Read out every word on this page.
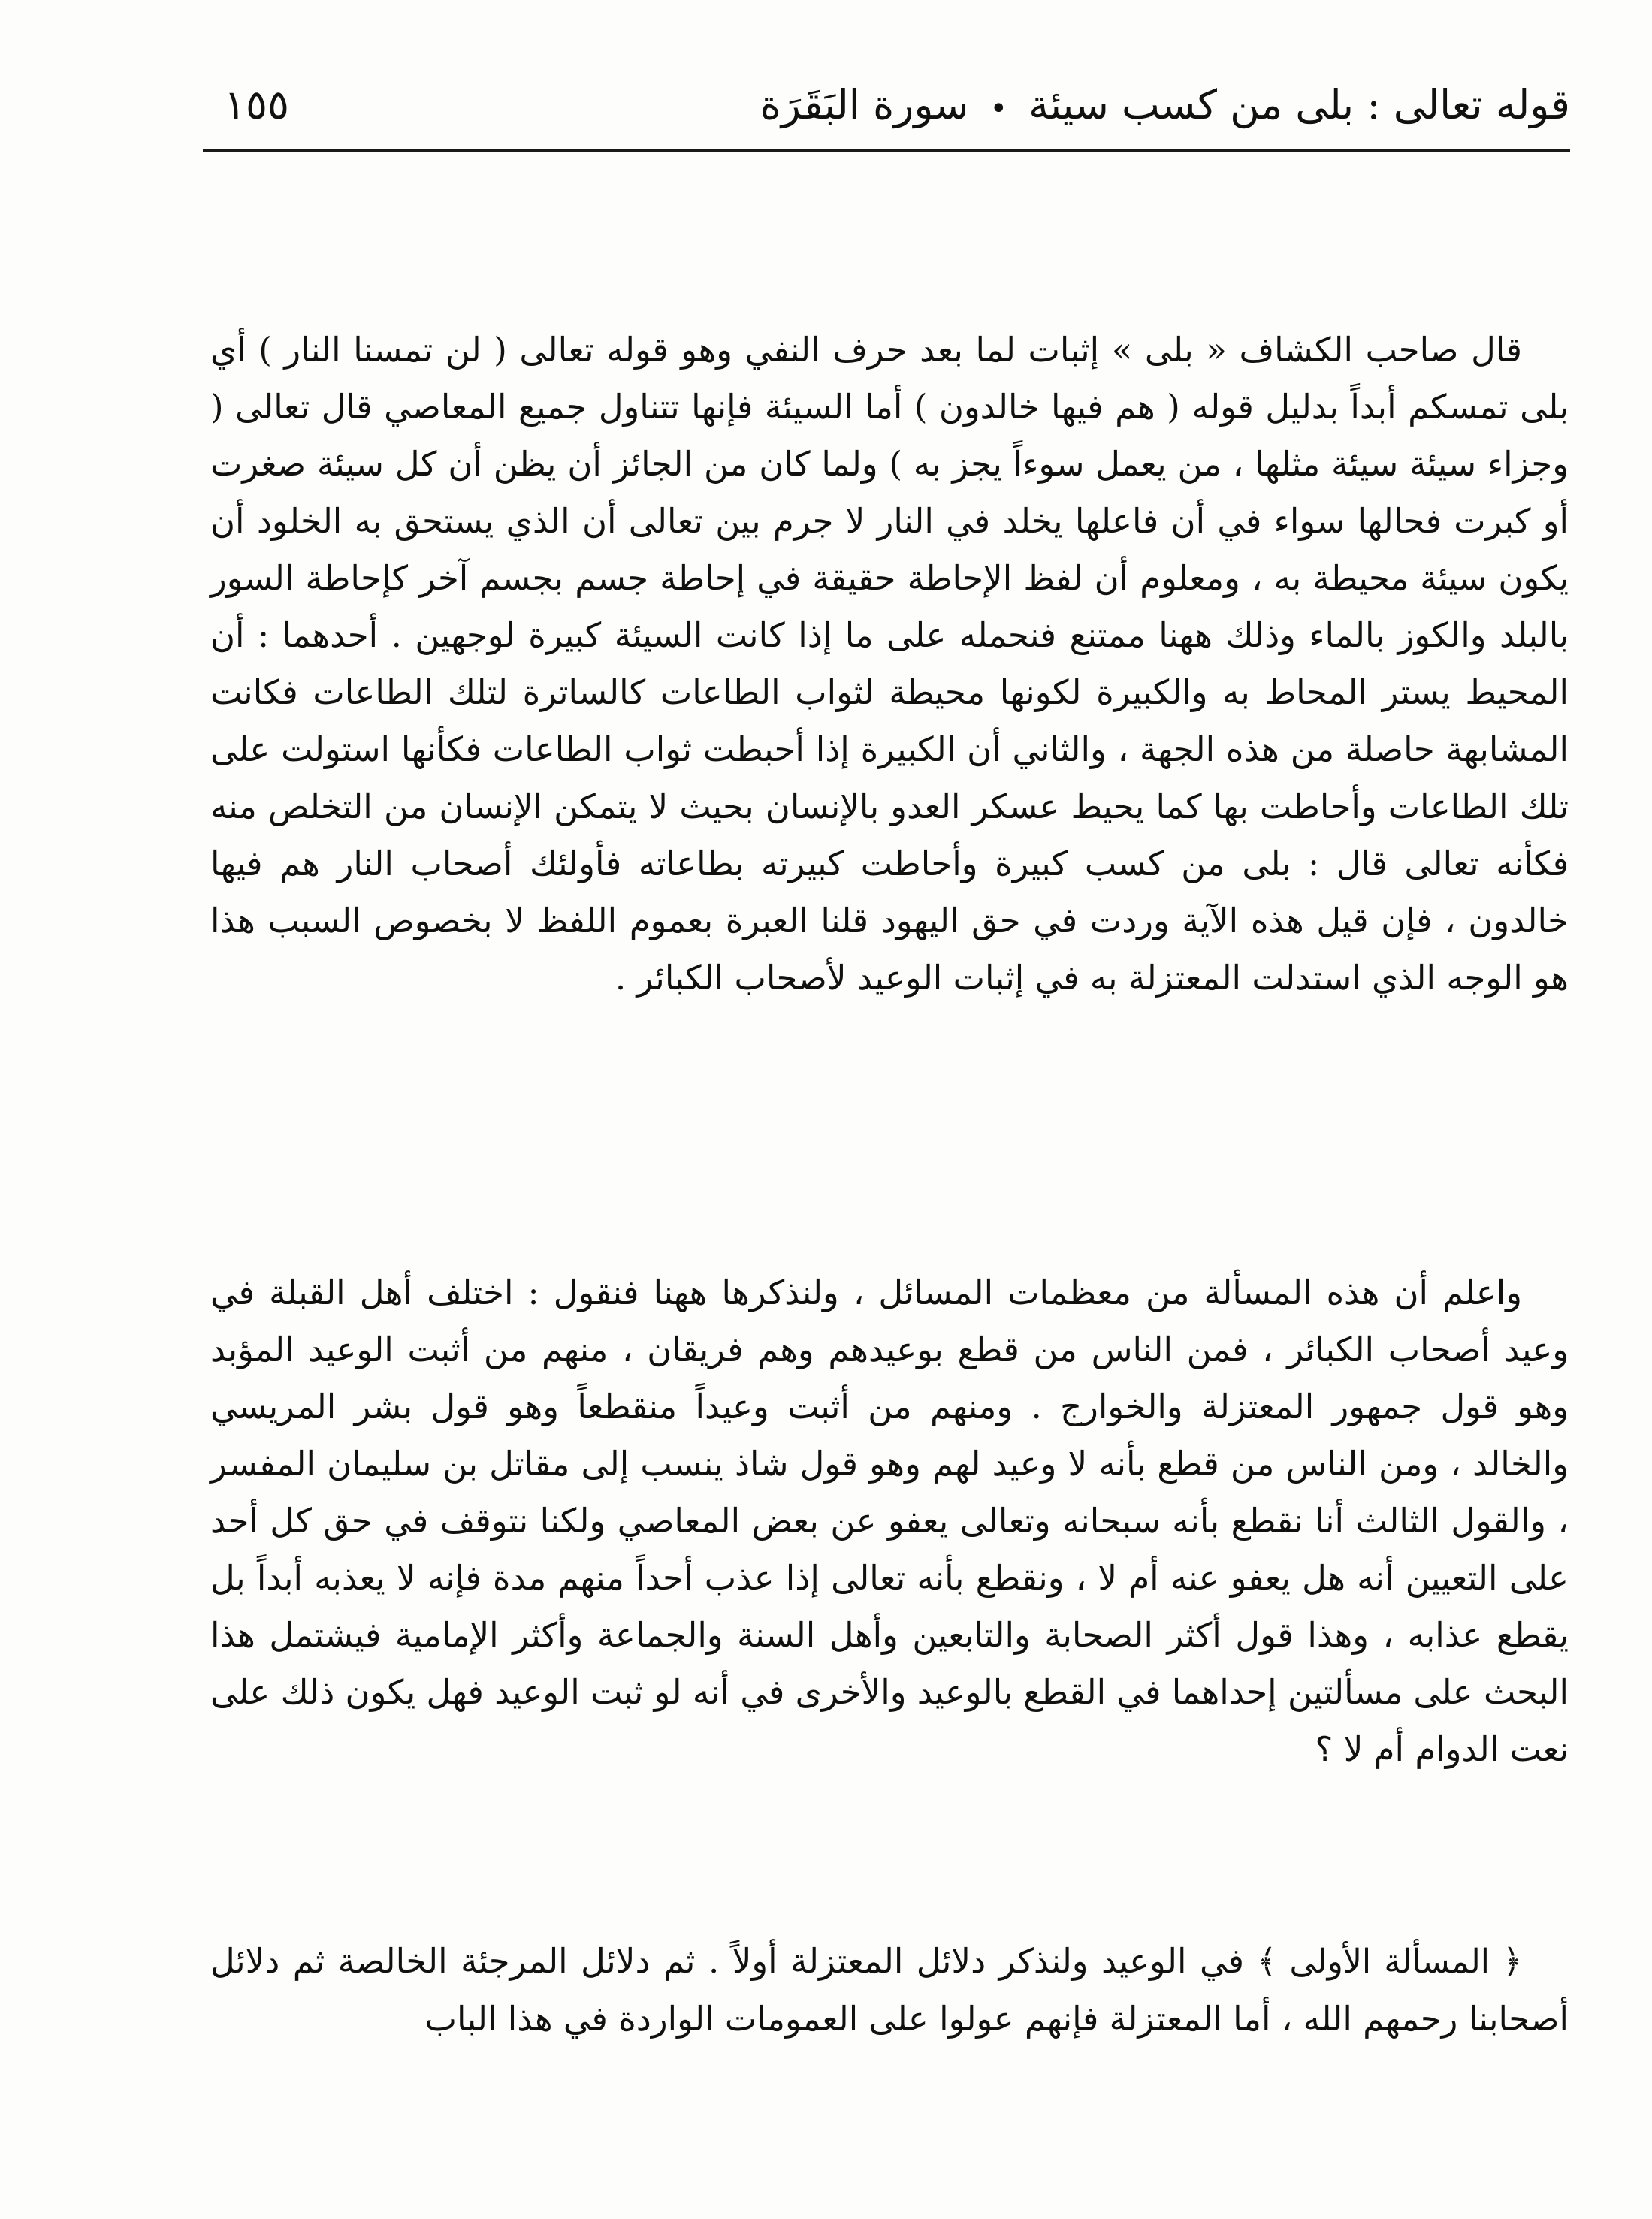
قوله تعالى : بلى من كسب سيئة•سورة البَقَرَة
١٥٥
قال صاحب الكشاف « بلى » إثبات لما بعد حرف النفي وهو قوله تعالى ( لن تمسنا النار ) أي بلى تمسكم أبداً بدليل قوله ( هم فيها خالدون ) أما السيئة فإنها تتناول جميع المعاصي قال تعالى ( وجزاء سيئة سيئة مثلها ، من يعمل سوءاً يجز به ) ولما كان من الجائز أن يظن أن كل سيئة صغرت أو كبرت فحالها سواء في أن فاعلها يخلد في النار لا جرم بين تعالى أن الذي يستحق به الخلود أن يكون سيئة محيطة به ، ومعلوم أن لفظ الإحاطة حقيقة في إحاطة جسم بجسم آخر كإحاطة السور بالبلد والكوز بالماء وذلك ههنا ممتنع فنحمله على ما إذا كانت السيئة كبيرة لوجهين . أحدهما : أن المحيط يستر المحاط به والكبيرة لكونها محيطة لثواب الطاعات كالساترة لتلك الطاعات فكانت المشابهة حاصلة من هذه الجهة ، والثاني أن الكبيرة إذا أحبطت ثواب الطاعات فكأنها استولت على تلك الطاعات وأحاطت بها كما يحيط عسكر العدو بالإنسان بحيث لا يتمكن الإنسان من التخلص منه فكأنه تعالى قال : بلى من كسب كبيرة وأحاطت كبيرته بطاعاته فأولئك أصحاب النار هم فيها خالدون ، فإن قيل هذه الآية وردت في حق اليهود قلنا العبرة بعموم اللفظ لا بخصوص السبب هذا هو الوجه الذي استدلت المعتزلة به في إثبات الوعيد لأصحاب الكبائر .
واعلم أن هذه المسألة من معظمات المسائل ، ولنذكرها ههنا فنقول : اختلف أهل القبلة في وعيد أصحاب الكبائر ، فمن الناس من قطع بوعيدهم وهم فريقان ، منهم من أثبت الوعيد المؤبد وهو قول جمهور المعتزلة والخوارج . ومنهم من أثبت وعيداً منقطعاً وهو قول بشر المريسي والخالد ، ومن الناس من قطع بأنه لا وعيد لهم وهو قول شاذ ينسب إلى مقاتل بن سليمان المفسر ، والقول الثالث أنا نقطع بأنه سبحانه وتعالى يعفو عن بعض المعاصي ولكنا نتوقف في حق كل أحد على التعيين أنه هل يعفو عنه أم لا ، ونقطع بأنه تعالى إذا عذب أحداً منهم مدة فإنه لا يعذبه أبداً بل يقطع عذابه ، وهذا قول أكثر الصحابة والتابعين وأهل السنة والجماعة وأكثر الإمامية فيشتمل هذا البحث على مسألتين إحداهما في القطع بالوعيد والأخرى في أنه لو ثبت الوعيد فهل يكون ذلك على نعت الدوام أم لا ؟
﴿ المسألة الأولى ﴾ في الوعيد ولنذكر دلائل المعتزلة أولاً . ثم دلائل المرجئة الخالصة ثم دلائل أصحابنا رحمهم الله ، أما المعتزلة فإنهم عولوا على العمومات الواردة في هذا الباب
